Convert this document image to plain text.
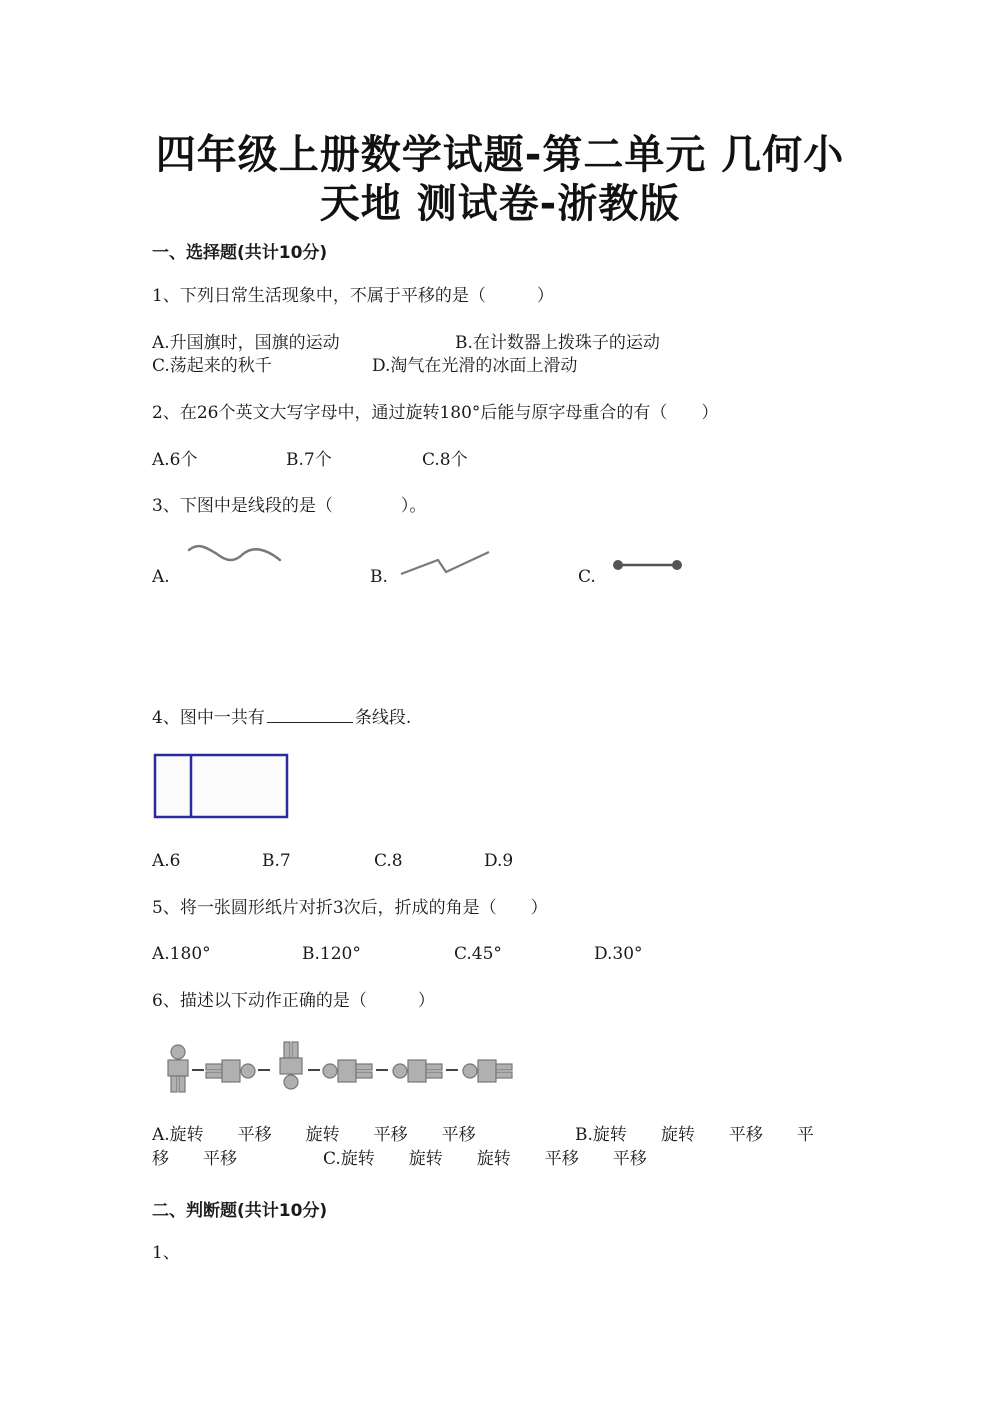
四年级上册数学试题-第二单元 几何小
天地 测试卷-浙教版
一、选择题(共计10分)
1、下列日常生活现象中，不属于平移的是（　　　）
A.升国旗时，国旗的运动	B.在计数器上拨珠子的运动
C.荡起来的秋千	D.淘气在光滑的冰面上滑动
2、在26个英文大写字母中，通过旋转180°后能与原字母重合的有（　　）
A.6个	B.7个	C.8个
3、下图中是线段的是（　　　　）。
A.	B.	C.
4、图中一共有	条线段.
A.6	B.7	C.8	D.9
5、将一张圆形纸片对折3次后，折成的角是（　　）
A.180°	B.120°	C.45°	D.30°
6、描述以下动作正确的是（　　　）
A.旋转　　平移　　旋转　　平移　　平移	B.旋转　　旋转　　平移　　平
移　　平移	C.旋转　　旋转　　旋转　　平移　　平移
二、判断题(共计10分)
1、
